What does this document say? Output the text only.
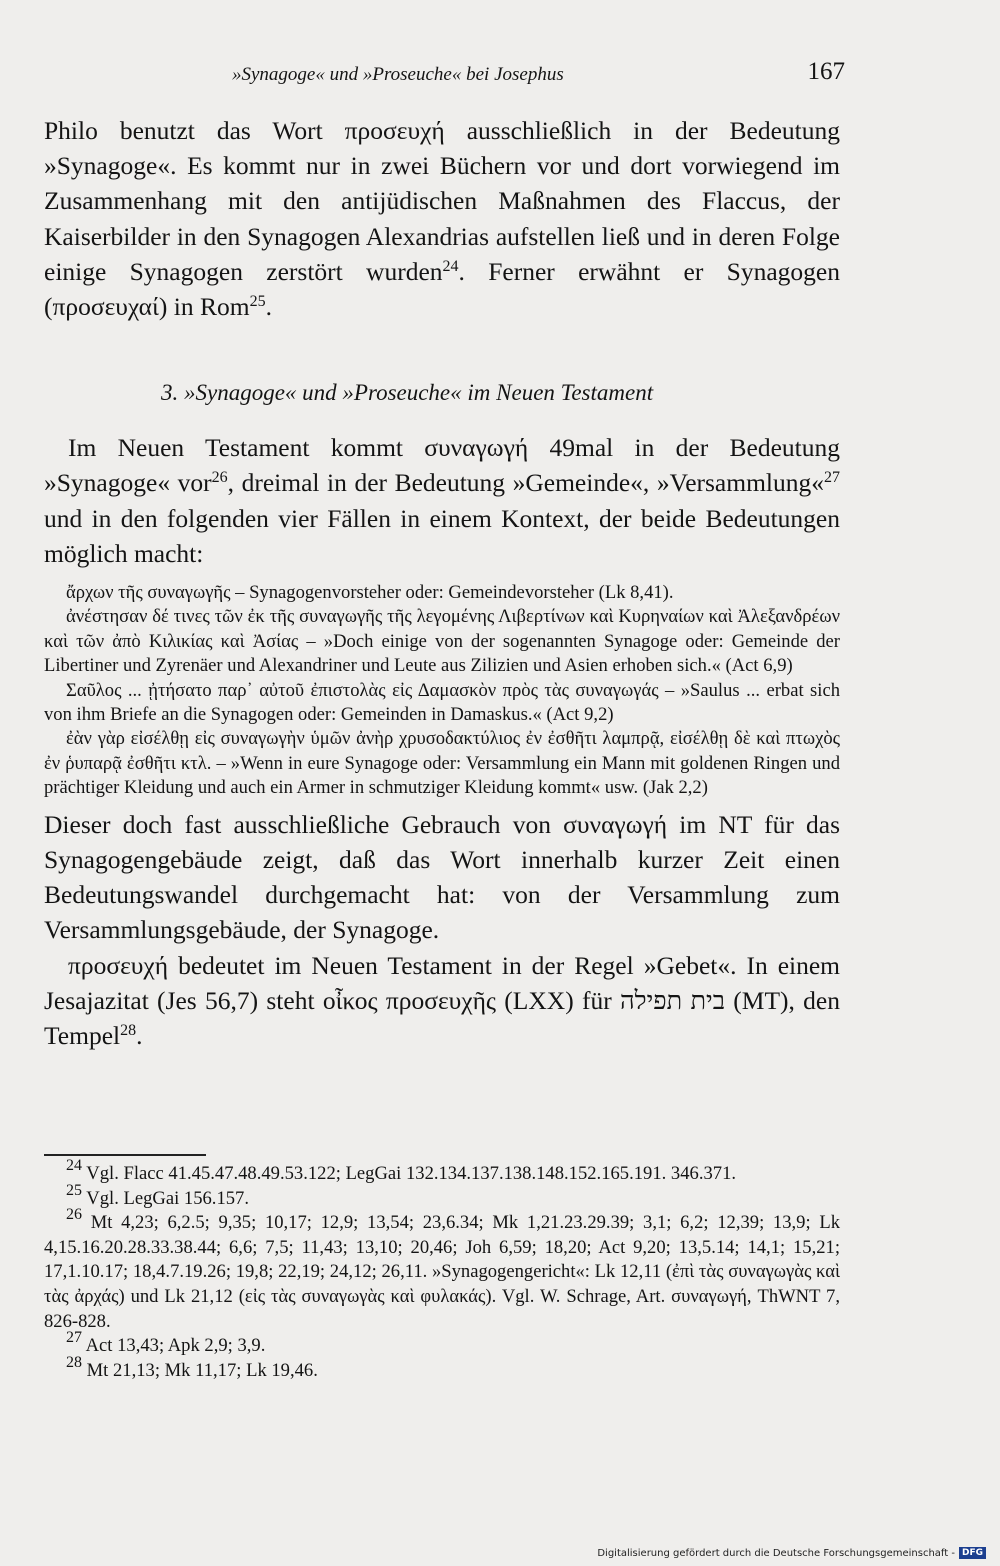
»Synagoge« und »Proseuche« bei Josephus	167

Philo benutzt das Wort προσευχή ausschließlich in der Bedeutung »Synagoge«. Es kommt nur in zwei Büchern vor und dort vorwiegend im Zusammenhang mit den antijüdischen Maßnahmen des Flaccus, der Kaiserbilder in den Synagogen Alexandrias aufstellen ließ und in deren Folge einige Synagogen zerstört wurden$^{24}$. Ferner erwähnt er Synagogen (προσευχαί) in Rom$^{25}$.

3. »Synagoge« und »Proseuche« im Neuen Testament

Im Neuen Testament kommt συναγωγή 49mal in der Bedeutung »Synagoge« vor$^{26}$, dreimal in der Bedeutung »Gemeinde«, »Versammlung«$^{27}$ und in den folgenden vier Fällen in einem Kontext, der beide Bedeutungen möglich macht:

ἄρχων τῆς συναγωγῆς – Synagogenvorsteher oder: Gemeindevorsteher (Lk 8,41).

ἀνέστησαν δέ τινες τῶν ἐκ τῆς συναγωγῆς τῆς λεγομένης Λιβερτίνων καὶ Κυρηναίων καὶ Ἀλεξανδρέων καὶ τῶν ἀπὸ Κιλικίας καὶ Ἀσίας – »Doch einige von der sogenannten Synagoge oder: Gemeinde der Libertiner und Zyrenäer und Alexandriner und Leute aus Zilizien und Asien erhoben sich.« (Act 6,9)

Σαῦλος ... ᾐτήσατο παρ᾽ αὐτοῦ ἐπιστολὰς εἰς Δαμασκὸν πρὸς τὰς συναγωγάς – »Saulus ... erbat sich von ihm Briefe an die Synagogen oder: Gemeinden in Damaskus.« (Act 9,2)

ἐὰν γὰρ εἰσέλθῃ εἰς συναγωγὴν ὑμῶν ἀνὴρ χρυσοδακτύλιος ἐν ἐσθῆτι λαμπρᾷ, εἰσέλθῃ δὲ καὶ πτωχὸς ἐν ῥυπαρᾷ ἐσθῆτι κτλ. – »Wenn in eure Synagoge oder: Versammlung ein Mann mit goldenen Ringen und prächtiger Kleidung und auch ein Armer in schmutziger Kleidung kommt« usw. (Jak 2,2)

Dieser doch fast ausschließliche Gebrauch von συναγωγή im NT für das Synagogengebäude zeigt, daß das Wort innerhalb kurzer Zeit einen Bedeutungswandel durchgemacht hat: von der Versammlung zum Versammlungsgebäude, der Synagoge.

προσευχή bedeutet im Neuen Testament in der Regel »Gebet«. In einem Jesajazitat (Jes 56,7) steht οἶκος προσευχῆς (LXX) für בית תפילה (MT), den Tempel$^{28}$.

$^{24}$ Vgl. Flacc 41.45.47.48.49.53.122; LegGai 132.134.137.138.148.152.165.191. 346.371.

$^{25}$ Vgl. LegGai 156.157.

$^{26}$ Mt 4,23; 6,2.5; 9,35; 10,17; 12,9; 13,54; 23,6.34; Mk 1,21.23.29.39; 3,1; 6,2; 12,39; 13,9; Lk 4,15.16.20.28.33.38.44; 6,6; 7,5; 11,43; 13,10; 20,46; Joh 6,59; 18,20; Act 9,20; 13,5.14; 14,1; 15,21; 17,1.10.17; 18,4.7.19.26; 19,8; 22,19; 24,12; 26,11. »Synagogengericht«: Lk 12,11 (ἐπὶ τὰς συναγωγὰς καὶ τὰς ἀρχάς) und Lk 21,12 (εἰς τὰς συναγωγὰς καὶ φυλακάς). Vgl. W. Schrage, Art. συναγωγή, ThWNT 7, 826-828.

$^{27}$ Act 13,43; Apk 2,9; 3,9.

$^{28}$ Mt 21,13; Mk 11,17; Lk 19,46.

Digitalisierung gefördert durch die Deutsche Forschungsgemeinschaft - DFG
